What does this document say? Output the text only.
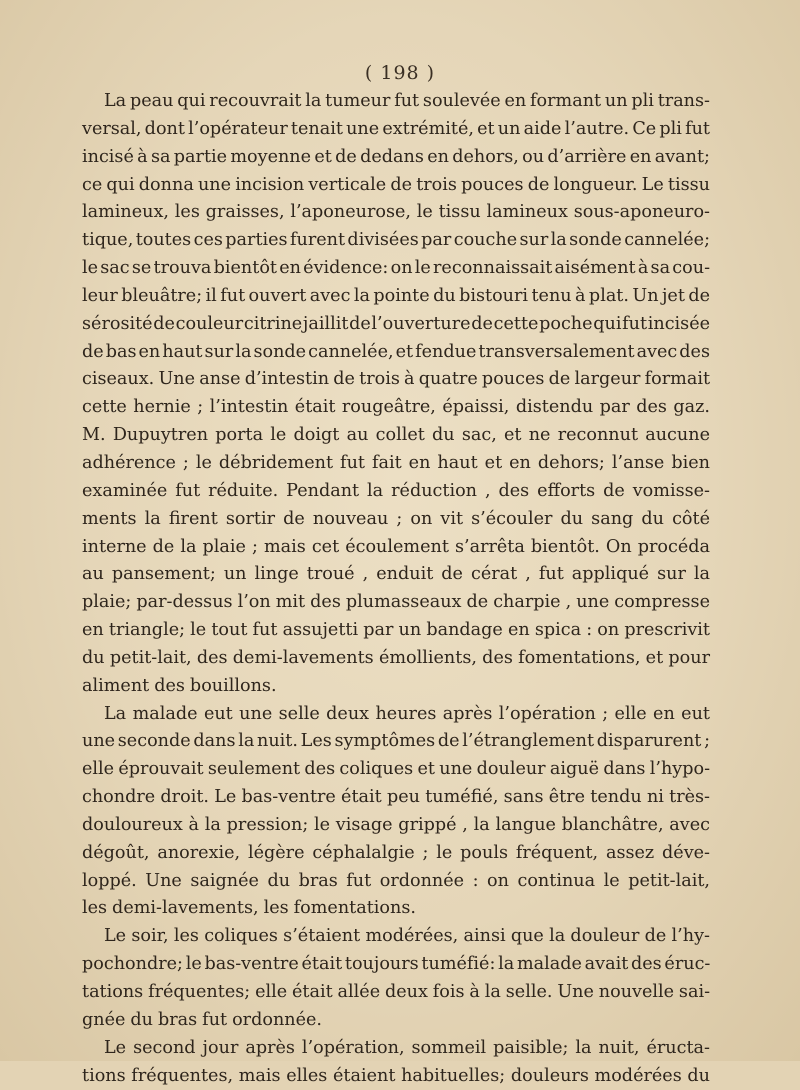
( 198 )

La peau qui recouvrait la tumeur fut soulevée en formant un pli trans-
versal, dont l’opérateur tenait une extrémité, et un aide l’autre. Ce pli fut
incisé à sa partie moyenne et de dedans en dehors, ou d’arrière en avant;
ce qui donna une incision verticale de trois pouces de longueur. Le tissu
lamineux, les graisses, l’aponeurose, le tissu lamineux sous-aponeuro-
tique, toutes ces parties furent divisées par couche sur la sonde cannelée;
le sac se trouva bientôt en évidence: on le reconnaissait aisément à sa cou-
leur bleuâtre; il fut ouvert avec la pointe du bistouri tenu à plat. Un jet de
sérosité de couleur citrine jaillit de l’ouverture de cette poche qui fut incisée
de bas en haut sur la sonde cannelée, et fendue transversalement avec des
ciseaux. Une anse d’intestin de trois à quatre pouces de largeur formait
cette hernie ; l’intestin était rougeâtre, épaissi, distendu par des gaz.
M. Dupuytren porta le doigt au collet du sac, et ne reconnut aucune
adhérence ; le débridement fut fait en haut et en dehors; l’anse bien
examinée fut réduite. Pendant la réduction , des efforts de vomisse-
ments la firent sortir de nouveau ; on vit s’écouler du sang du côté
interne de la plaie ; mais cet écoulement s’arrêta bientôt. On procéda
au pansement; un linge troué , enduit de cérat , fut appliqué sur la
plaie; par-dessus l’on mit des plumasseaux de charpie , une compresse
en triangle; le tout fut assujetti par un bandage en spica : on prescrivit
du petit-lait, des demi-lavements émollients, des fomentations, et pour
aliment des bouillons.

La malade eut une selle deux heures après l’opération ; elle en eut
une seconde dans la nuit. Les symptômes de l’étranglement disparurent ;
elle éprouvait seulement des coliques et une douleur aiguë dans l’hypo-
chondre droit. Le bas-ventre était peu tuméfié, sans être tendu ni très-
douloureux à la pression; le visage grippé , la langue blanchâtre, avec
dégoût, anorexie, légère céphalalgie ; le pouls fréquent, assez déve-
loppé. Une saignée du bras fut ordonnée : on continua le petit-lait,
les demi-lavements, les fomentations.

Le soir, les coliques s’étaient modérées, ainsi que la douleur de l’hy-
pochondre; le bas-ventre était toujours tuméfié: la malade avait des éruc-
tations fréquentes; elle était allée deux fois à la selle. Une nouvelle sai-
gnée du bras fut ordonnée.

Le second jour après l’opération, sommeil paisible; la nuit, éructa-
tions fréquentes, mais elles étaient habituelles; douleurs modérées du
